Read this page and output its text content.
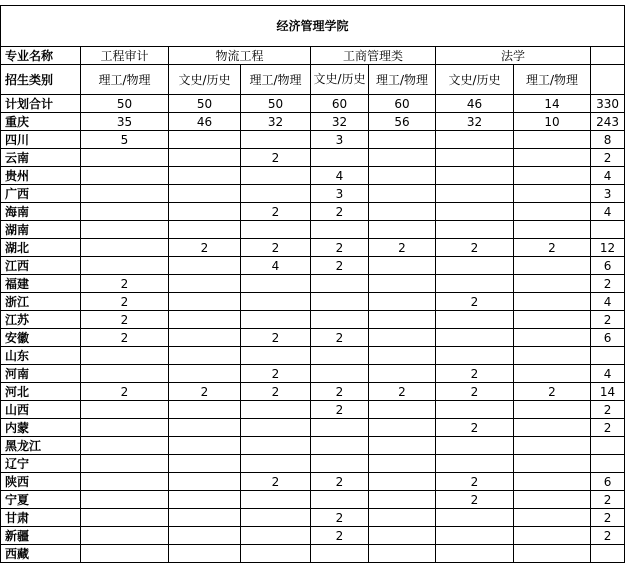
经济管理学院								
专业名称	工程审计	物流工程		工商管理类		法学		
招生类别	理工/物理	文史/历史	理工/物理	文史/历史	理工/物理	文史/历史	理工/物理	
计划合计	50	50	50	60	60	46	14	330
重庆	35	46	32	32	56	32	10	243
四川	5			3				8
云南			2					2
贵州				4				4
广西				3				3
海南			2	2				4
湖南								
湖北		2	2	2	2	2	2	12
江西			4	2				6
福建	2							2
浙江	2					2		4
江苏	2							2
安徽	2		2	2				6
山东								
河南			2			2		4
河北	2	2	2	2	2	2	2	14
山西				2				2
内蒙						2		2
黑龙江								
辽宁								
陕西			2	2		2		6
宁夏						2		2
甘肃				2				2
新疆				2				2
西藏								
